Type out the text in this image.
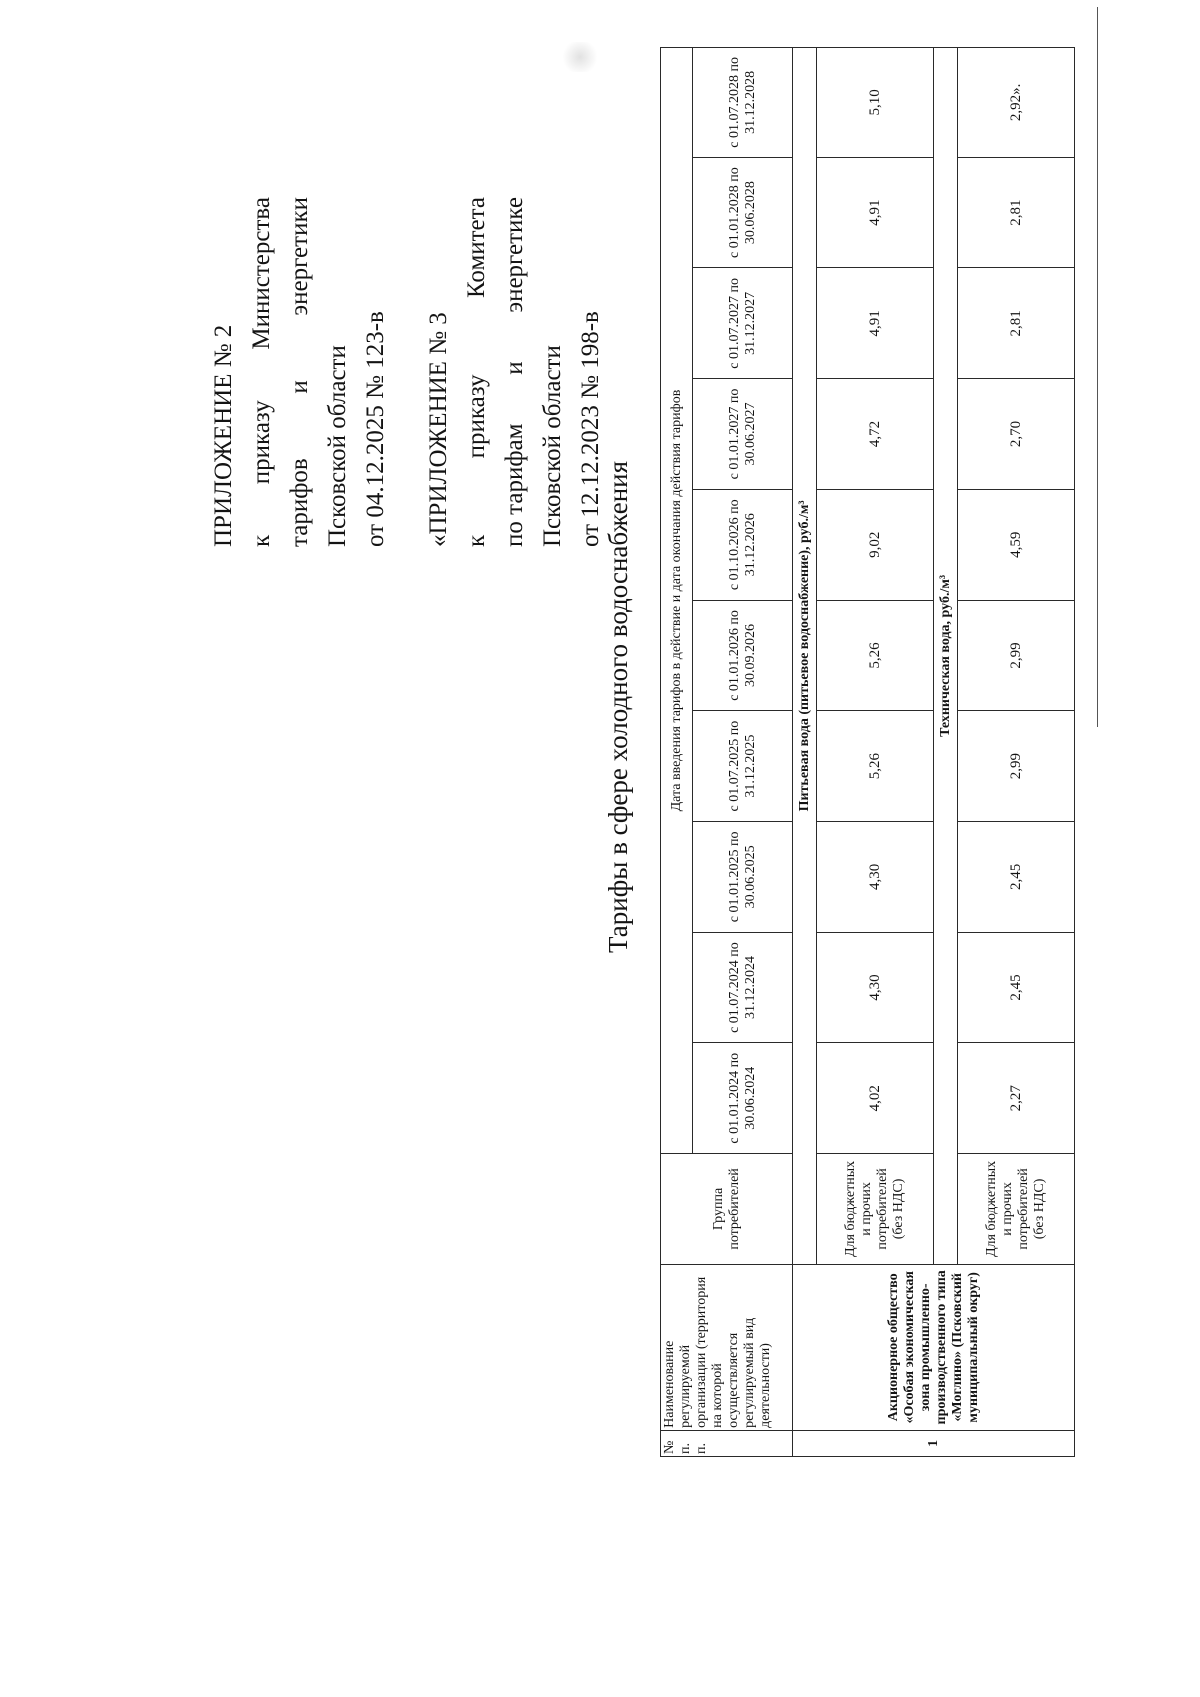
ПРИЛОЖЕНИЕ № 2 к
приказу
Министерства
тарифов
и
энергетики
Псковской области от 04.12.2025 № 123-в «ПРИЛОЖЕНИЕ № 3 к
приказу
Комитета
по тарифам
и
энергетике
Псковской области от 12.12.2023 № 198-в
Тарифы в сфере холодного водоснабжения
№ п. п.	Наименование регулируемой организации (территория на которой осуществляется регулируемый вид деятельности)	Группа потребителей	Дата введения тарифов в действие и дата окончания действия тарифов									
			с 01.01.2024 по 30.06.2024	с 01.07.2024 по 31.12.2024	с 01.01.2025 по 30.06.2025	с 01.07.2025 по 31.12.2025	с 01.01.2026 по 30.09.2026	с 01.10.2026 по 31.12.2026	с 01.01.2027 по 30.06.2027	с 01.07.2027 по 31.12.2027	с 01.01.2028 по 30.06.2028	с 01.07.2028 по 31.12.2028
1	Акционерное общество «Особая экономическая зона промышленно-производственного типа «Моглино» (Псковский муниципальный округ)	Питьевая вода (питьевое водоснабжение), руб./м³										
		Для бюджетных и прочих потребителей (без НДС)	4,02	4,30	4,30	5,26	5,26	9,02	4,72	4,91	4,91	5,10
		Техническая вода, руб./м³										
		Для бюджетных и прочих потребителей (без НДС)	2,27	2,45	2,45	2,99	2,99	4,59	2,70	2,81	2,81	2,92».
